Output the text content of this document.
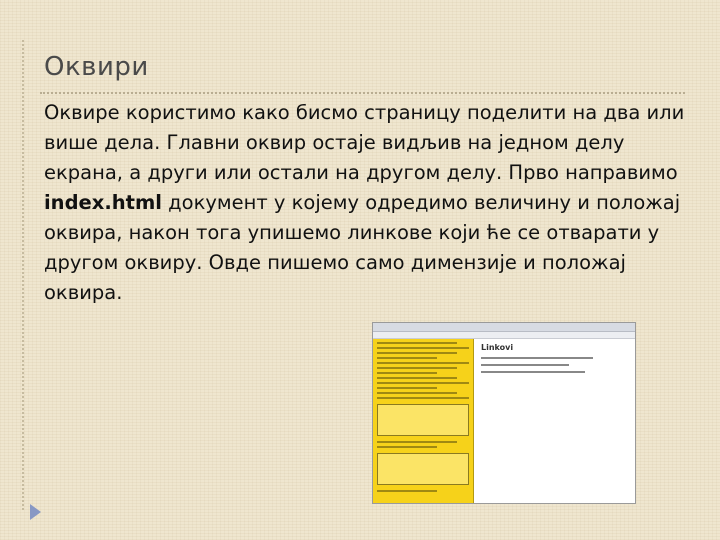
Оквири
Оквире користимо како бисмо страницу поделити на два или више дела. Главни оквир остаје видљив на једном делу екрана, а други или остали на другом делу. Прво направимо index.html документ у којему одредимо величину и положај оквира, након тога упишемо линкове који ће се отварати у другом оквиру. Овде пишемо само димензије и положај оквира.
Linkovi
